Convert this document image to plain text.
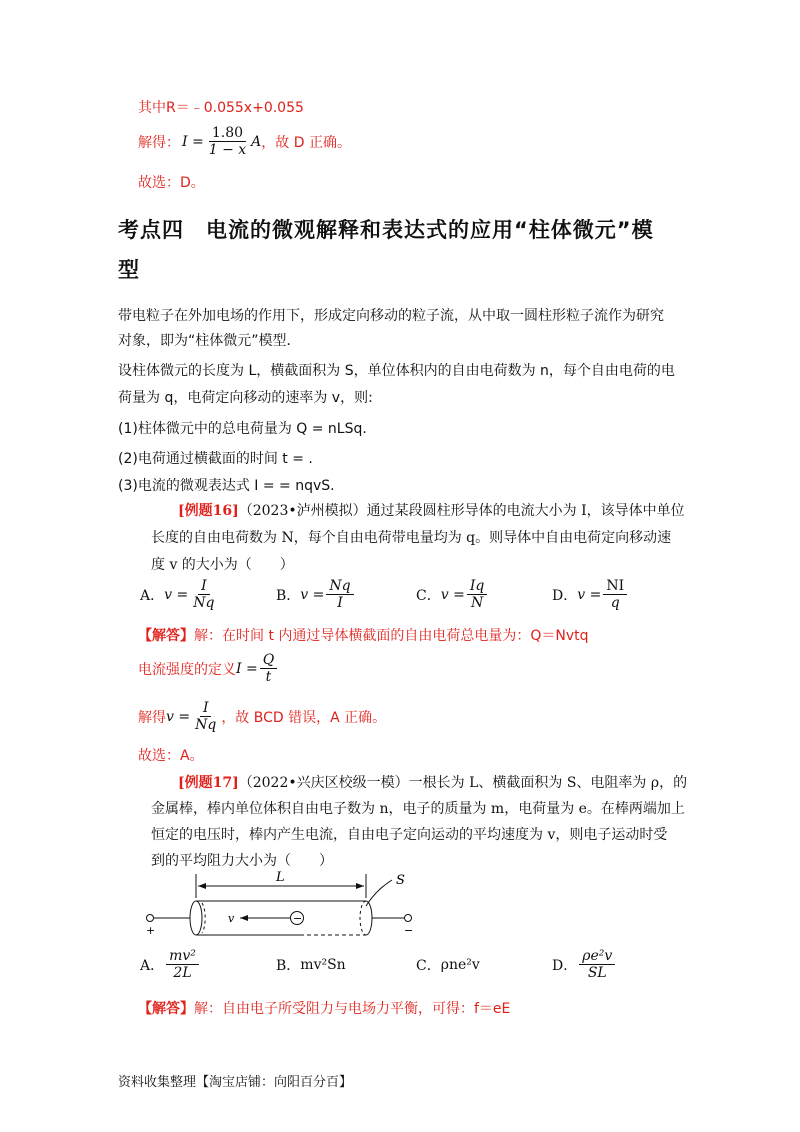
其中R＝﹣0.055x+0.055
解得： $I = \frac{1.80}{1 - x}$ A ，故 D 正确。
故选：D。
考点四　电流的微观解释和表达式的应用“柱体微元”模
型
带电粒子在外加电场的作用下，形成定向移动的粒子流，从中取一圆柱形粒子流作为研究
对象，即为“柱体微元”模型．
设柱体微元的长度为 L，横截面积为 S，单位体积内的自由电荷数为 n，每个自由电荷的电
荷量为 q，电荷定向移动的速率为 v，则:
(1)柱体微元中的总电荷量为 Q = nLSq.
(2)电荷通过横截面的时间 t = .
(3)电流的微观表达式 I = = nqvS.
[例题16]（2023•泸州模拟）通过某段圆柱形导体的电流大小为 I，该导体中单位
长度的自由电荷数为 N，每个自由电荷带电量均为 q。则导体中自由电荷定向移动速
度 v 的大小为（　　）
A． $v = \frac{I}{Nq}$	B． $v = \frac{Nq}{I}$	C． $v = \frac{Iq}{N}$	D． $v = \frac{NI}{q}$
【解答】解：在时间 t 内通过导体横截面的自由电荷总电量为：Q＝Nvtq
电流强度的定义 $I = \frac{Q}{t}$
解得 $v = \frac{I}{Nq}$ ，故 BCD 错误，A 正确。
故选：A。
[例题17]（2022•兴庆区校级一模）一根长为 L、横截面积为 S、电阻率为 ρ，的
金属棒，棒内单位体积自由电子数为 n，电子的质量为 m，电荷量为 e。在棒两端加上
恒定的电压时，棒内产生电流，自由电子定向运动的平均速度为 v，则电子运动时受
到的平均阻力大小为（　　）
L	S
+	−
v	−
A． $\frac{\text{mv²}}{2L}$	B． mv²Sn	C． ρne²v	D． $\frac{\text{ρe²v}}{SL}$
【解答】解：自由电子所受阻力与电场力平衡，可得：f＝eE
资料收集整理【淘宝店铺：向阳百分百】
